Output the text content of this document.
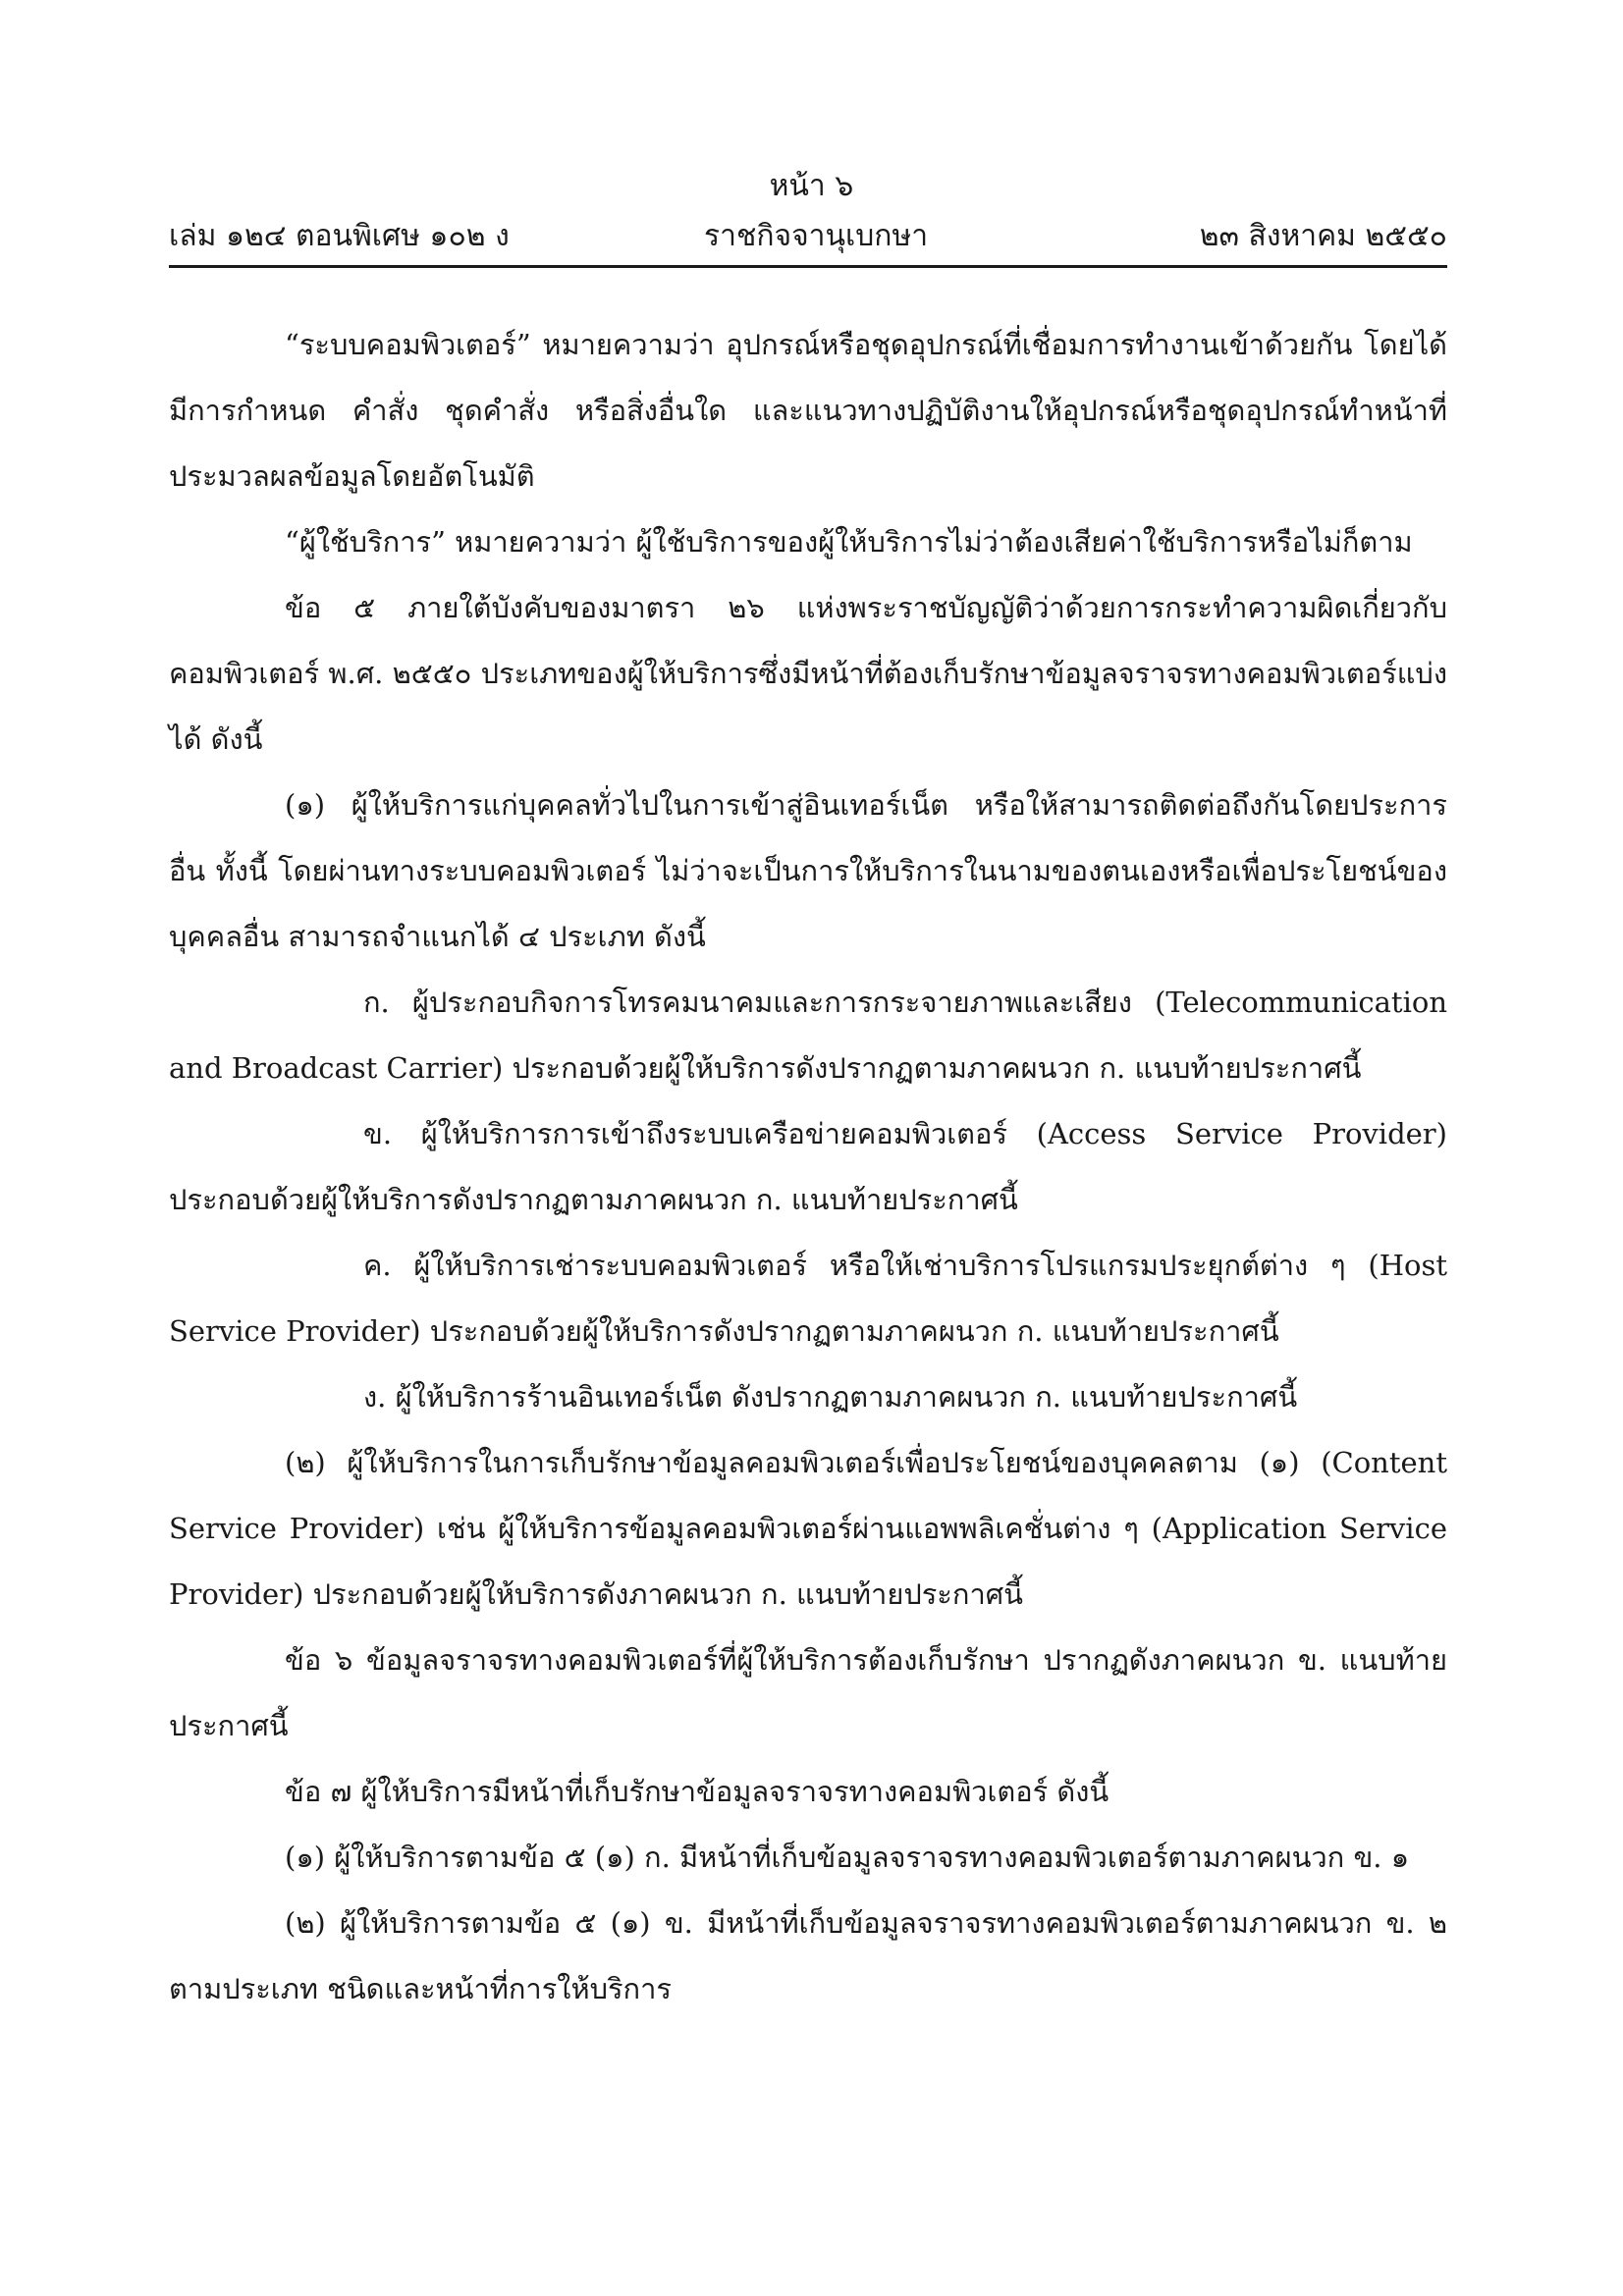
หน้า ๖
เล่ม ๑๒๔ ตอนพิเศษ ๑๐๒ ง	ราชกิจจานุเบกษา	๒๓ สิงหาคม ๒๕๕๐

“ระบบคอมพิวเตอร์” หมายความว่า อุปกรณ์หรือชุดอุปกรณ์ที่เชื่อมการทำงานเข้าด้วยกัน โดยได้มีการกำหนด คำสั่ง ชุดคำสั่ง หรือสิ่งอื่นใด และแนวทางปฏิบัติงานให้อุปกรณ์หรือชุดอุปกรณ์ทำหน้าที่ประมวลผลข้อมูลโดยอัตโนมัติ

“ผู้ใช้บริการ” หมายความว่า ผู้ใช้บริการของผู้ให้บริการไม่ว่าต้องเสียค่าใช้บริการหรือไม่ก็ตาม

ข้อ ๕ ภายใต้บังคับของมาตรา ๒๖ แห่งพระราชบัญญัติว่าด้วยการกระทำความผิดเกี่ยวกับคอมพิวเตอร์ พ.ศ. ๒๕๕๐ ประเภทของผู้ให้บริการซึ่งมีหน้าที่ต้องเก็บรักษาข้อมูลจราจรทางคอมพิวเตอร์แบ่งได้ ดังนี้

(๑) ผู้ให้บริการแก่บุคคลทั่วไปในการเข้าสู่อินเทอร์เน็ต หรือให้สามารถติดต่อถึงกันโดยประการอื่น ทั้งนี้ โดยผ่านทางระบบคอมพิวเตอร์ ไม่ว่าจะเป็นการให้บริการในนามของตนเองหรือเพื่อประโยชน์ของบุคคลอื่น สามารถจำแนกได้ ๔ ประเภท ดังนี้

ก. ผู้ประกอบกิจการโทรคมนาคมและการกระจายภาพและเสียง (Telecommunication and Broadcast Carrier) ประกอบด้วยผู้ให้บริการดังปรากฏตามภาคผนวก ก. แนบท้ายประกาศนี้

ข. ผู้ให้บริการการเข้าถึงระบบเครือข่ายคอมพิวเตอร์ (Access Service Provider) ประกอบด้วยผู้ให้บริการดังปรากฏตามภาคผนวก ก. แนบท้ายประกาศนี้

ค. ผู้ให้บริการเช่าระบบคอมพิวเตอร์ หรือให้เช่าบริการโปรแกรมประยุกต์ต่าง ๆ (Host Service Provider) ประกอบด้วยผู้ให้บริการดังปรากฏตามภาคผนวก ก. แนบท้ายประกาศนี้

ง. ผู้ให้บริการร้านอินเทอร์เน็ต ดังปรากฏตามภาคผนวก ก. แนบท้ายประกาศนี้

(๒) ผู้ให้บริการในการเก็บรักษาข้อมูลคอมพิวเตอร์เพื่อประโยชน์ของบุคคลตาม (๑) (Content Service Provider) เช่น ผู้ให้บริการข้อมูลคอมพิวเตอร์ผ่านแอพพลิเคชั่นต่าง ๆ (Application Service Provider) ประกอบด้วยผู้ให้บริการดังภาคผนวก ก. แนบท้ายประกาศนี้

ข้อ ๖ ข้อมูลจราจรทางคอมพิวเตอร์ที่ผู้ให้บริการต้องเก็บรักษา ปรากฏดังภาคผนวก ข. แนบท้ายประกาศนี้

ข้อ ๗ ผู้ให้บริการมีหน้าที่เก็บรักษาข้อมูลจราจรทางคอมพิวเตอร์ ดังนี้

(๑) ผู้ให้บริการตามข้อ ๕ (๑) ก. มีหน้าที่เก็บข้อมูลจราจรทางคอมพิวเตอร์ตามภาคผนวก ข. ๑

(๒) ผู้ให้บริการตามข้อ ๕ (๑) ข. มีหน้าที่เก็บข้อมูลจราจรทางคอมพิวเตอร์ตามภาคผนวก ข. ๒ ตามประเภท ชนิดและหน้าที่การให้บริการ
